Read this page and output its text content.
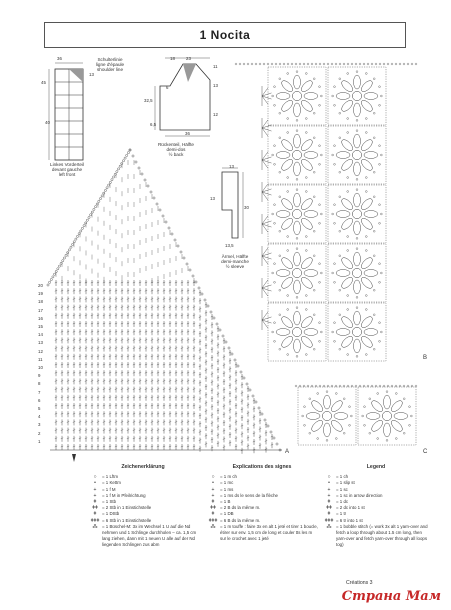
1 Nocita
Linkes Vorderteil
devant gauche
left front
Schulterlinie
ligne d'épaule
shoulder line
36
45
40
13
Rückenteil, Hälfte
demi-dos
½ back
18	23
11
13
6
32,5
6,5
12
36
Ärmel, Hälfte
demi-manche
½ sleeve
13
13
30
13,5
A
B
C
20
19
18
17
16
15
14
13
12
11
10
9
8
7
6
5
4
3
2
1
Zeichenerklärung
○	= 1 Lftm
•	= 1 Kettm
+	= 1 f M
+	= 1 f M in Pfeilrichtung
ǂ	= 1 Stb
ǂǂ = 2 Stb in 1 Einstichstelle
ǂ	= 1 DStb
ǂǂǂ = 6 Stb in 1 Einstichstelle
⁂	= 1 Büschel-M: 3x im Wechsel 1 U auf die Nd nehmen und 1 Schlinge durchholen – ca. 1,5 cm lang ziehen, dann mit 1 neuen U alle auf der Nd liegenden Schlingen zus abm
Explications des signes
○	= 1 m ch
•	= 1 mc
+	= 1 ms
+	= 1 ms ds le sens de la flèche
ǂ	= 1 B
ǂǂ = 2 B ds la même m.
ǂ	= 1 DB
ǂǂǂ = 6 B ds la même m.
⁂	= 1 m touffe : faire 3x en alt 1 jeté et tirer 1 boucle, étirer sur env. 1,5 cm de long et couler tts les m sur le crochet avec 1 jeté
Legend
○	= 1 ch
•	= 1 slip st
+	= 1 sc
+	= 1 sc in arrow direction
ǂ	= 1 dc
ǂǂ = 2 dc into 1 st
ǂ	= 1 tr
ǂǂǂ = 6 tr into 1 st
⁂	= 1 bobble stitch (= work 3x alt 1 yarn-over and fetch a loop through about 1.5 cm long, then yarn-over and fetch yarn-over through all loops tog)
Créations 3
Страна Мам
